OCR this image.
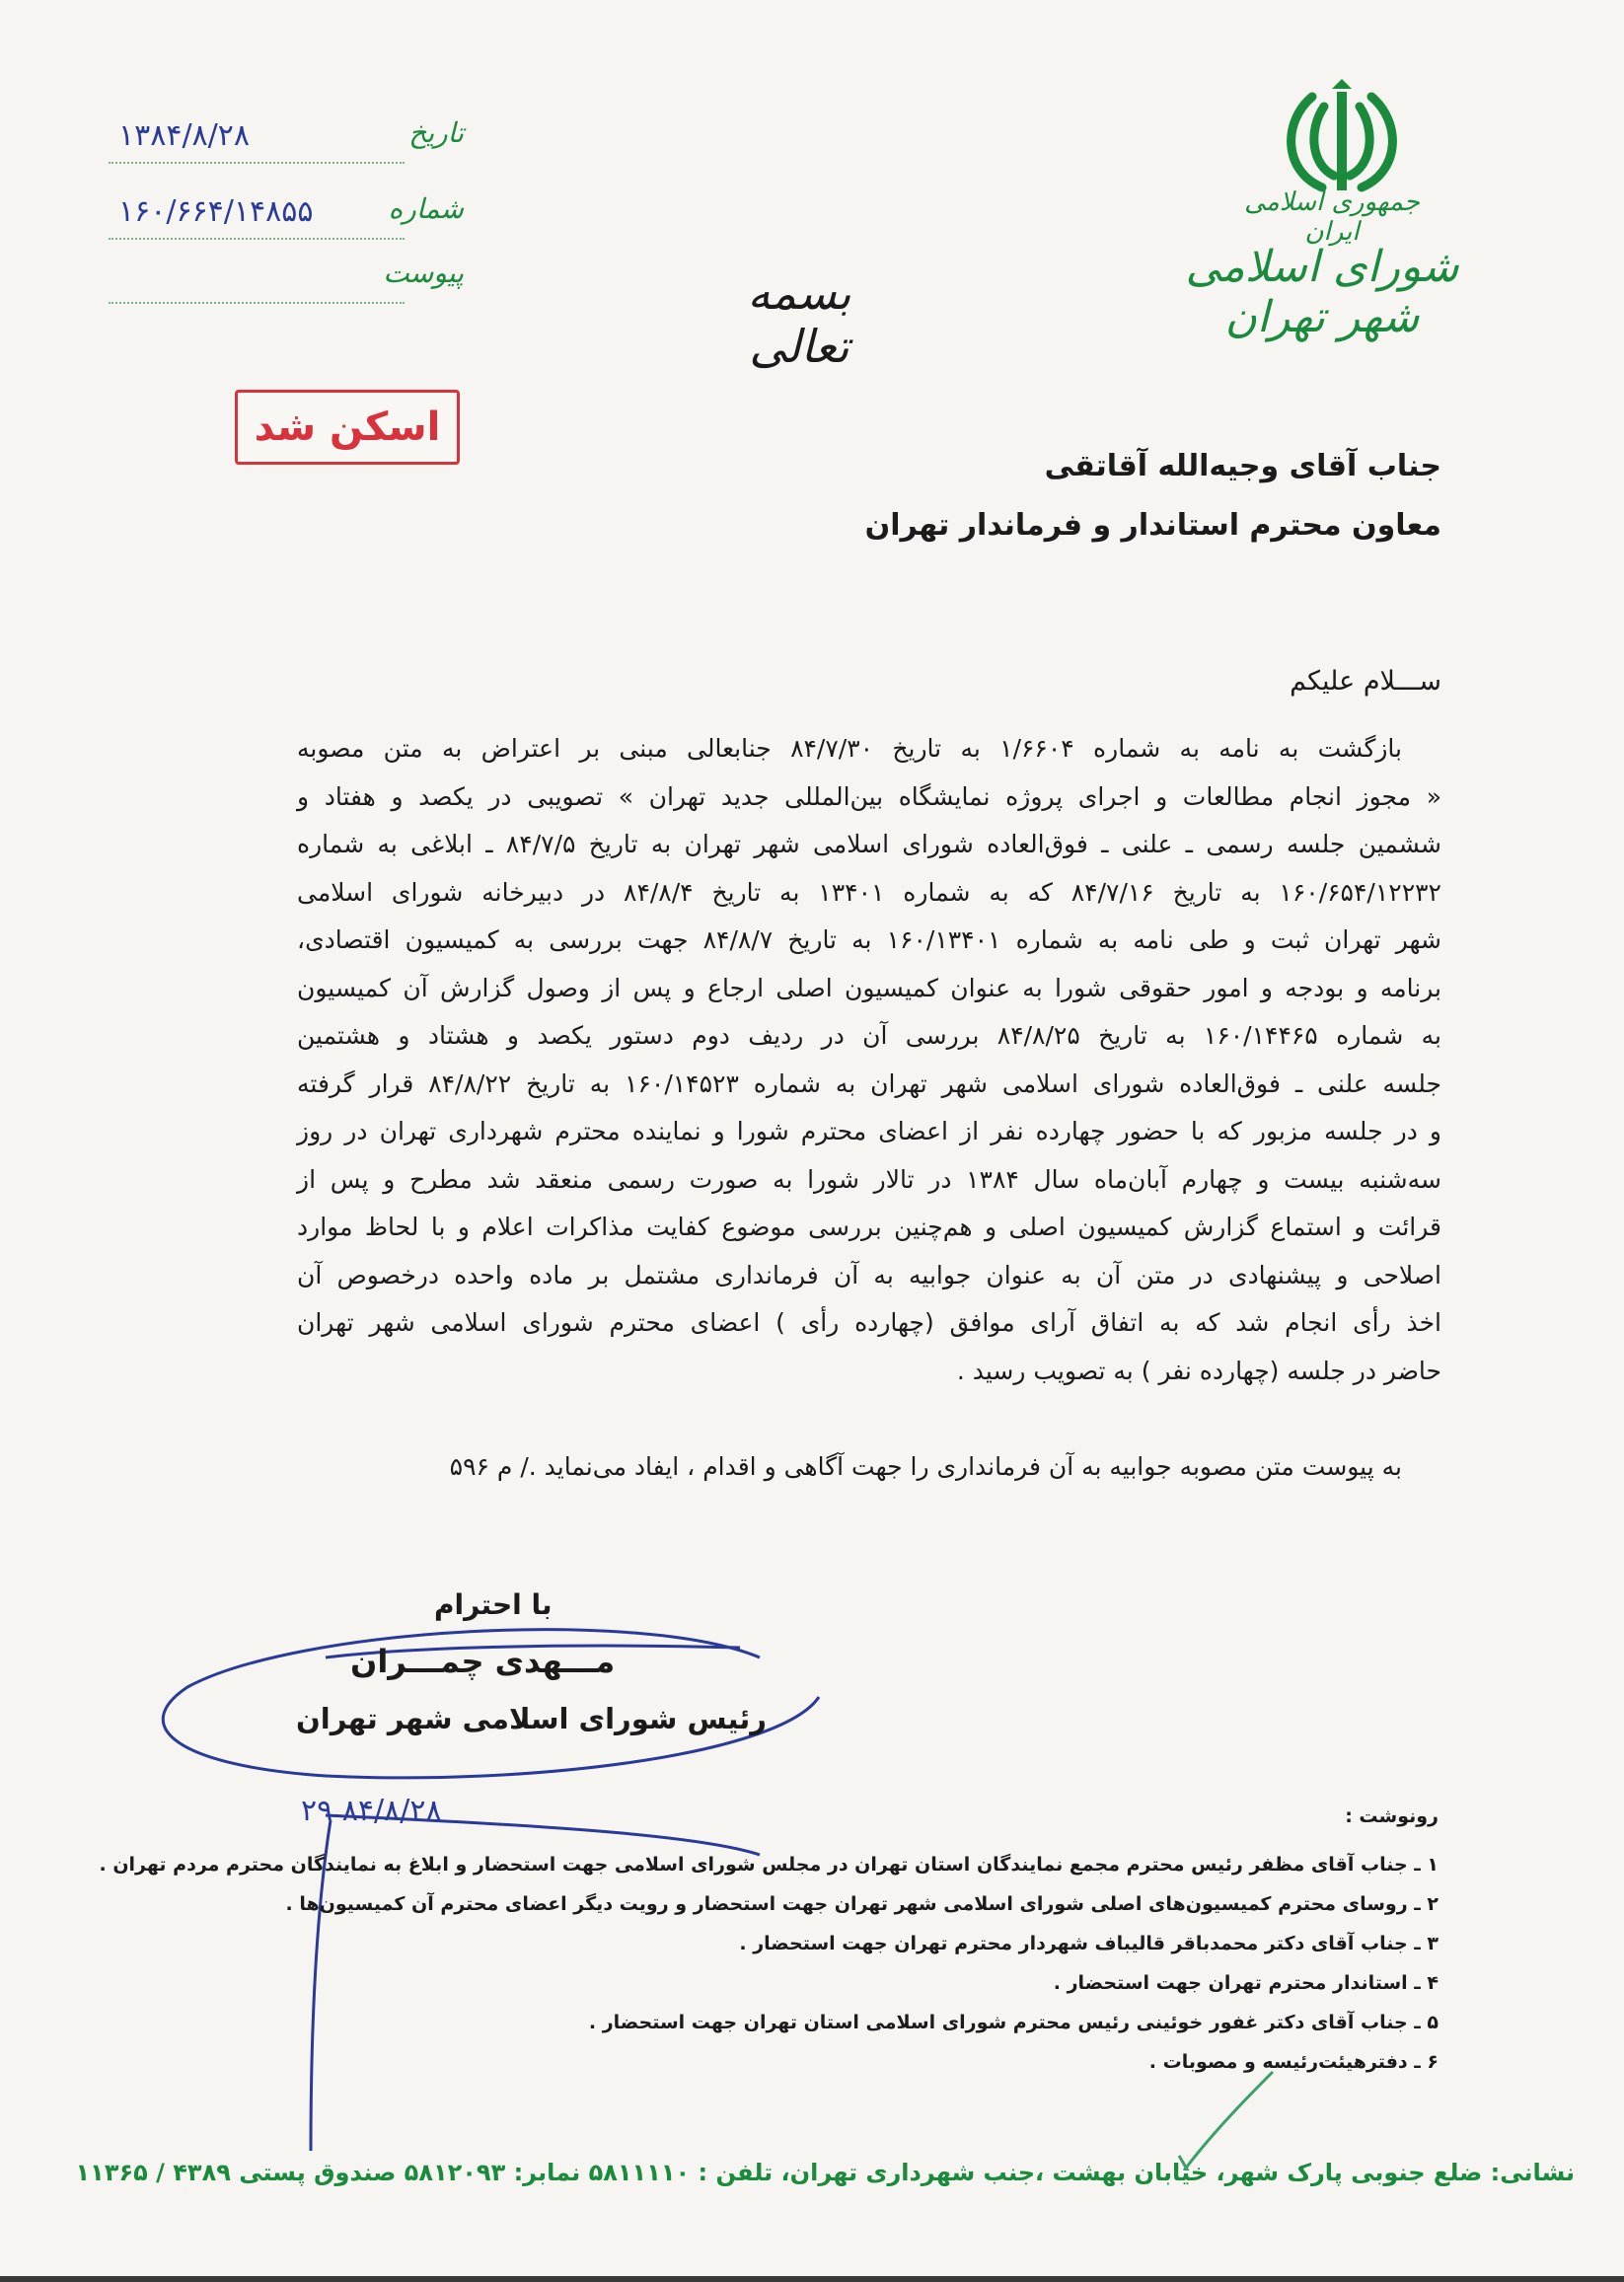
جمهوری اسلامی ایران
شورای اسلامی شهر تهران
بسمه تعالی
تاریخ
۱۳۸۴/۸/۲۸
شماره
۱۶۰/۶۶۴/۱۴۸۵۵
پیوست
اسکن شد
جناب آقای وجیه‌الله آقاتقی
معاون محترم استاندار و فرماندار تهران
ســـلام علیکم
بازگشت به نامه به شماره ۱/۶۶۰۴ به تاریخ ۸۴/۷/۳۰ جنابعالی مبنی بر اعتراض به متن مصوبه
« مجوز انجام مطالعات و اجرای پروژه نمایشگاه بین‌المللی جدید تهران » تصویبی در یکصد و هفتاد و
ششمین جلسه رسمی ـ علنی ـ فوق‌العاده شورای اسلامی شهر تهران به تاریخ ۸۴/۷/۵ ـ ابلاغی به شماره
۱۶۰/۶۵۴/۱۲۲۳۲ به تاریخ ۸۴/۷/۱۶ که به شماره ۱۳۴۰۱ به تاریخ ۸۴/۸/۴ در دبیرخانه شورای اسلامی
شهر تهران ثبت و طی نامه به شماره ۱۶۰/۱۳۴۰۱ به تاریخ ۸۴/۸/۷ جهت بررسی به کمیسیون اقتصادی،
برنامه و بودجه و امور حقوقی شورا به عنوان کمیسیون اصلی ارجاع و پس از وصول گزارش آن کمیسیون
به شماره ۱۶۰/۱۴۴۶۵ به تاریخ ۸۴/۸/۲۵ بررسی آن در ردیف دوم دستور یکصد و هشتاد و هشتمین
جلسه علنی ـ فوق‌العاده شورای اسلامی شهر تهران به شماره ۱۶۰/۱۴۵۲۳ به تاریخ ۸۴/۸/۲۲ قرار گرفته
و در جلسه مزبور که با حضور چهارده نفر از اعضای محترم شورا و نماینده محترم شهرداری تهران در روز
سه‌شنبه بیست و چهارم آبان‌ماه سال ۱۳۸۴ در تالار شورا به صورت رسمی منعقد شد مطرح و پس از
قرائت و استماع گزارش کمیسیون اصلی و هم‌چنین بررسی موضوع کفایت مذاکرات اعلام و با لحاظ موارد
اصلاحی و پیشنهادی در متن آن به عنوان جوابیه به آن فرمانداری مشتمل بر ماده واحده درخصوص آن
اخذ رأی انجام شد که به اتفاق آرای موافق (چهارده رأی ) اعضای محترم شورای اسلامی شهر تهران
حاضر در جلسه (چهارده نفر ) به تصویب رسید .
به پیوست متن مصوبه جوابیه به آن فرمانداری را جهت آگاهی و اقدام ، ایفاد می‌نماید ./ م ۵۹۶
با احترام
مـــهدی چمـــران
رئیس شورای اسلامی شهر تهران
۸۴/۸/۲۸ ۲۹	رونوشت :
۱ ـ جناب آقای مظفر رئیس محترم مجمع نمایندگان استان تهران در مجلس شورای اسلامی جهت استحضار و ابلاغ به نمایندگان محترم مردم تهران .
۲ ـ روسای محترم کمیسیون‌های اصلی شورای اسلامی شهر تهران جهت استحضار و رویت دیگر اعضای محترم آن کمیسیون‌ها .
۳ ـ جناب آقای دکتر محمدباقر قالیباف شهردار محترم تهران جهت استحضار .
۴ ـ استاندار محترم تهران جهت استحضار .
۵ ـ جناب آقای دکتر غفور خوئینی رئیس محترم شورای اسلامی استان تهران جهت استحضار .
۶ ـ دفترهیئت‌رئیسه و مصوبات .
نشانی: ضلع جنوبی پارک شهر، خیابان بهشت ،جنب شهرداری تهران، تلفن : ۵۸۱۱۱۱۰ نمابر: ۵۸۱۲۰۹۳ صندوق پستی ۴۳۸۹ / ۱۱۳۶۵
